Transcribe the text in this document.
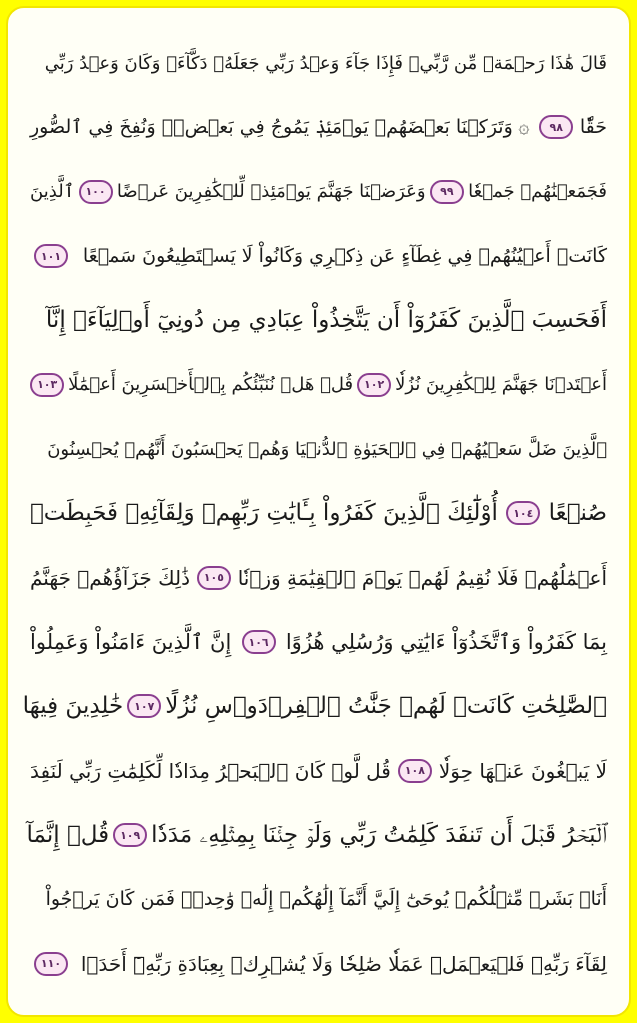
قَالَ هَٰذَا رَحۡمَةٞ مِّن رَّبِّيۖ فَإِذَا جَآءَ وَعۡدُ رَبِّي جَعَلَهُۥ دَكَّآءَۖ وَكَانَ وَعۡدُ رَبِّي
حَقّٗا
٩٨
۞
وَتَرَكۡنَا بَعۡضَهُمۡ يَوۡمَئِذٖ يَمُوجُ فِي بَعۡضٖۖ وَنُفِخَ فِي ٱلصُّورِ
فَجَمَعۡنَٰهُمۡ جَمۡعٗا
٩٩
وَعَرَضۡنَا جَهَنَّمَ يَوۡمَئِذٖ لِّلۡكَٰفِرِينَ عَرۡضًا
١٠٠
ٱلَّذِينَ
كَانَتۡ أَعۡيُنُهُمۡ فِي غِطَآءٍ عَن ذِكۡرِي وَكَانُواْ لَا يَسۡتَطِيعُونَ سَمۡعًا
١٠١
أَفَحَسِبَ ٱلَّذِينَ كَفَرُوٓاْ أَن يَتَّخِذُواْ عِبَادِي مِن دُونِيٓ أَوۡلِيَآءَۚ إِنَّآ
أَعۡتَدۡنَا جَهَنَّمَ لِلۡكَٰفِرِينَ نُزُلٗا
١٠٢
قُلۡ هَلۡ نُنَبِّئُكُم بِٱلۡأَخۡسَرِينَ أَعۡمَٰلًا
١٠٣
ٱلَّذِينَ ضَلَّ سَعۡيُهُمۡ فِي ٱلۡحَيَوٰةِ ٱلدُّنۡيَا وَهُمۡ يَحۡسَبُونَ أَنَّهُمۡ يُحۡسِنُونَ
صُنۡعًا
١٠٤
أُوْلَٰٓئِكَ ٱلَّذِينَ كَفَرُواْ بِـَٔايَٰتِ رَبِّهِمۡ وَلِقَآئِهِۦ فَحَبِطَتۡ
أَعۡمَٰلُهُمۡ فَلَا نُقِيمُ لَهُمۡ يَوۡمَ ٱلۡقِيَٰمَةِ وَزۡنٗا
١٠٥
ذَٰلِكَ جَزَآؤُهُمۡ جَهَنَّمُ
بِمَا كَفَرُواْ وَٱتَّخَذُوٓاْ ءَايَٰتِي وَرُسُلِي هُزُوًا
١٠٦
إِنَّ ٱلَّذِينَ ءَامَنُواْ وَعَمِلُواْ
ٱلصَّٰلِحَٰتِ كَانَتۡ لَهُمۡ جَنَّٰتُ ٱلۡفِرۡدَوۡسِ نُزُلًا
١٠٧
خَٰلِدِينَ فِيهَا
لَا يَبۡغُونَ عَنۡهَا حِوَلٗا
١٠٨
قُل لَّوۡ كَانَ ٱلۡبَحۡرُ مِدَادٗا لِّكَلِمَٰتِ رَبِّي لَنَفِدَ
ٱلۡبَحۡرُ قَبۡلَ أَن تَنفَدَ كَلِمَٰتُ رَبِّي وَلَوۡ جِئۡنَا بِمِثۡلِهِۦ مَدَدٗا
١٠٩
قُلۡ إِنَّمَآ
أَنَا۠ بَشَرٞ مِّثۡلُكُمۡ يُوحَىٰٓ إِلَيَّ أَنَّمَآ إِلَٰهُكُمۡ إِلَٰهٞ وَٰحِدٞۖ فَمَن كَانَ يَرۡجُواْ
لِقَآءَ رَبِّهِۦ فَلۡيَعۡمَلۡ عَمَلٗا صَٰلِحٗا وَلَا يُشۡرِكۡ بِعِبَادَةِ رَبِّهِۦٓ أَحَدَۢا
١١٠
